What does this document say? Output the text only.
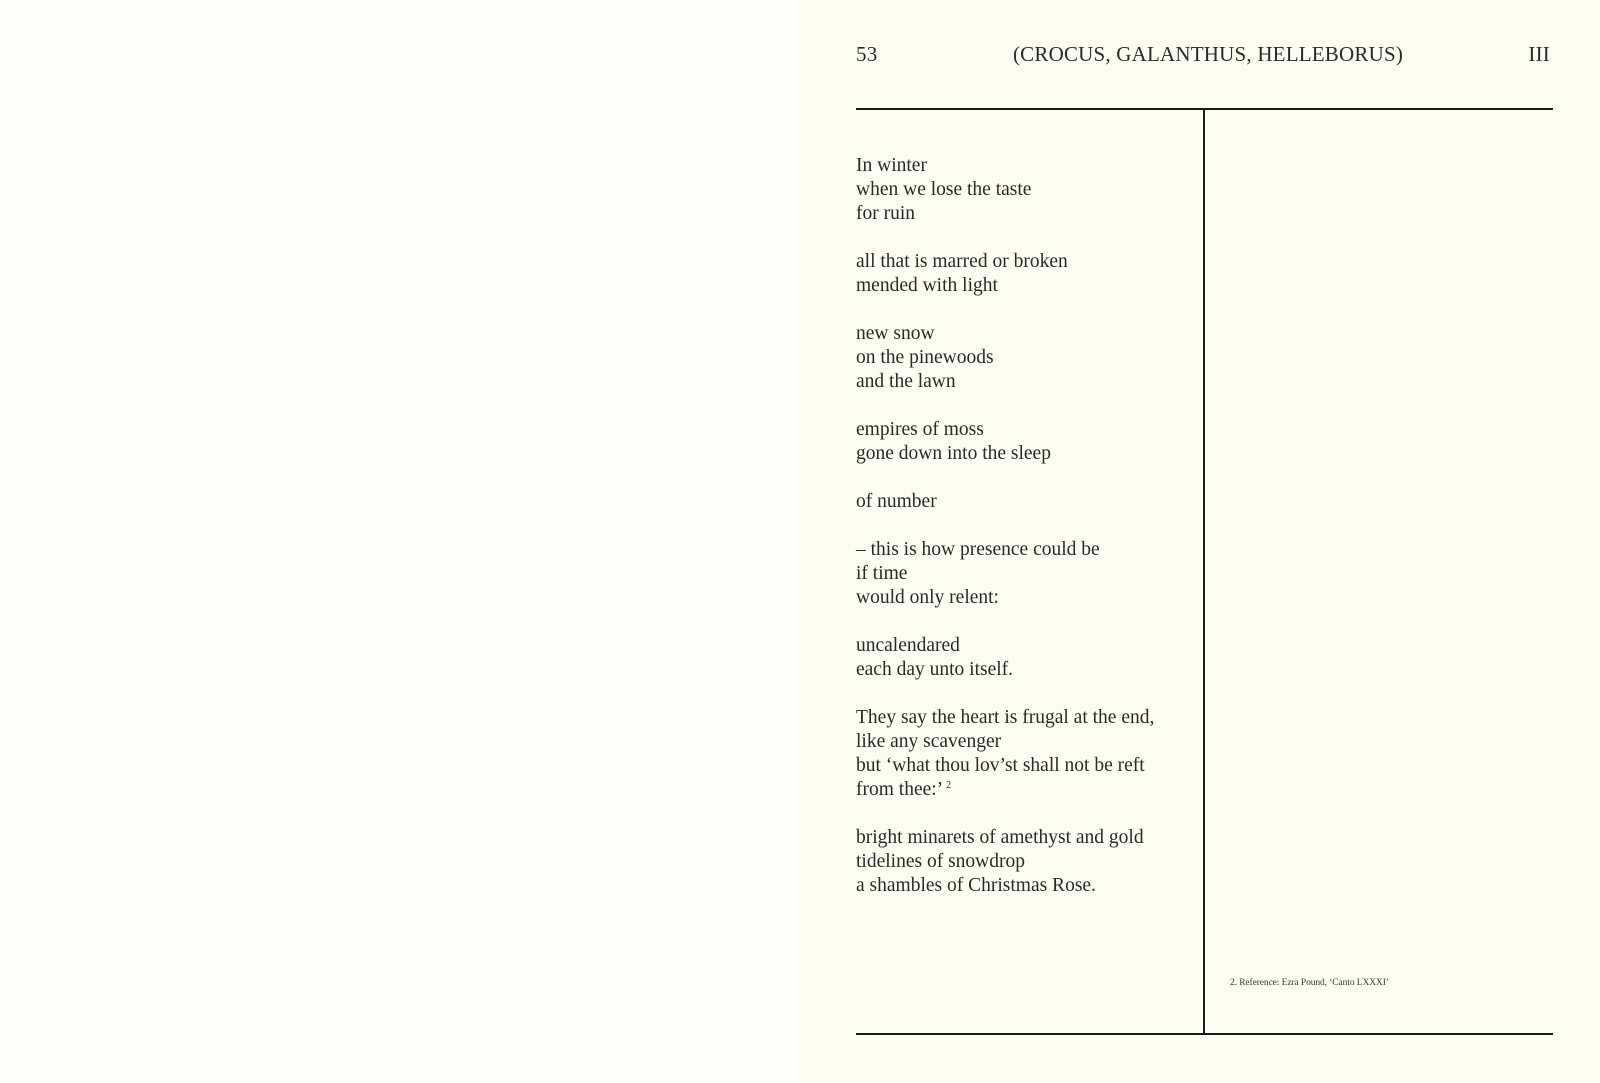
53	(CROCUS, GALANTHUS, HELLEBORUS)	III
In winter
when we lose the taste
for ruin
all that is marred or broken
mended with light
new snow
on the pinewoods
and the lawn
empires of moss
gone down into the sleep
of number
– this is how presence could be
if time
would only relent:
uncalendared
each day unto itself.
They say the heart is frugal at the end,
like any scavenger
but ‘what thou lov’st shall not be reft
from thee:’ $^2$
bright minarets of amethyst and gold
tidelines of snowdrop
a shambles of Christmas Rose.
2. Reference: Ezra Pound, ‘Canto LXXXI’
